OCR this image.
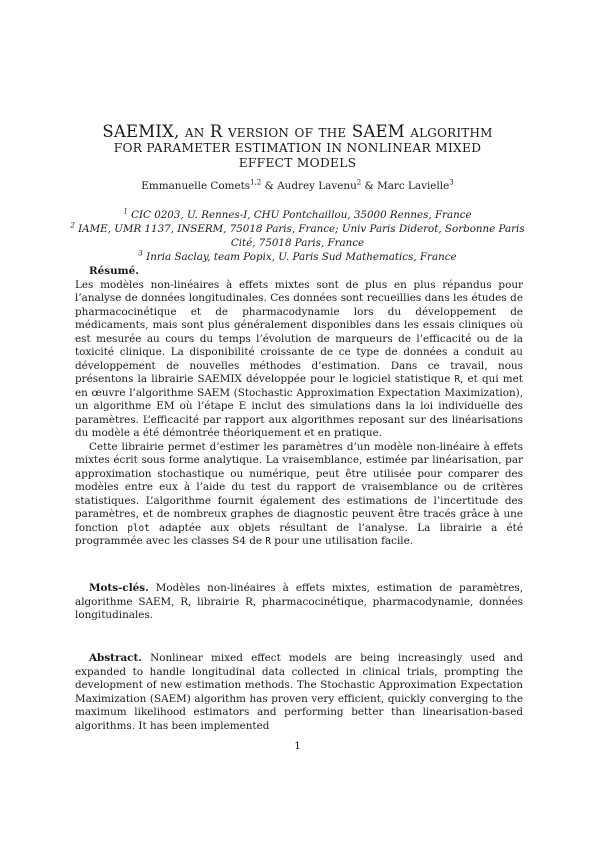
SAEMIX, an R version of the SAEM algorithm
FOR PARAMETER ESTIMATION IN NONLINEAR MIXED
EFFECT MODELS
Emmanuelle Comets$^{1,2}$ & Audrey Lavenu$^2$ & Marc Lavielle$^3$
$^1$ CIC 0203, U. Rennes-I, CHU Pontchaillou, 35000 Rennes, France
$^2$ IAME, UMR 1137, INSERM, 75018 Paris, France; Univ Paris Diderot, Sorbonne Paris Cité, 75018 Paris, France
$^3$ Inria Saclay, team Popix, U. Paris Sud Mathematics, France
Résumé.

Les modèles non-linéaires à effets mixtes sont de plus en plus répandus pour l’analyse de données longitudinales. Ces données sont recueillies dans les études de pharmacocinétique et de pharmacodynamie lors du développement de médicaments, mais sont plus généralement disponibles dans les essais cliniques où est mesurée au cours du temps l’évolution de marqueurs de l’efficacité ou de la toxicité clinique. La disponibilité croissante de ce type de données a conduit au développement de nouvelles méthodes d’estimation. Dans ce travail, nous présentons la librairie SAEMIX développée pour le logiciel statistique R, et qui met en œuvre l’algorithme SAEM (Stochastic Approximation Expectation Maximization), un algorithme EM où l’étape E inclut des simulations dans la loi individuelle des paramètres. L’efficacité par rapport aux algorithmes reposant sur des linéarisations du modèle a été démontrée théoriquement et en pratique.

Cette librairie permet d’estimer les paramètres d’un modèle non-linéaire à effets mixtes écrit sous forme analytique. La vraisemblance, estimée par linéarisation, par approximation stochastique ou numérique, peut être utilisée pour comparer des modèles entre eux à l’aide du test du rapport de vraisemblance ou de critères statistiques. L’algorithme fournit également des estimations de l’incertitude des paramètres, et de nombreux graphes de diagnostic peuvent être tracés grâce à une fonction plot adaptée aux objets résultant de l’analyse. La librairie a été programmée avec les classes S4 de R pour une utilisation facile.

Mots-clés. Modèles non-linéaires à effets mixtes, estimation de paramètres, algorithme SAEM, R, librairie R, pharmacocinétique, pharmacodynamie, données longitudinales.
Abstract. Nonlinear mixed effect models are being increasingly used and expanded to handle longitudinal data collected in clinical trials, prompting the development of new estimation methods. The Stochastic Approximation Expectation Maximization (SAEM) algorithm has proven very efficient, quickly converging to the maximum likelihood estimators and performing better than linearisation-based algorithms. It has been implemented
1
